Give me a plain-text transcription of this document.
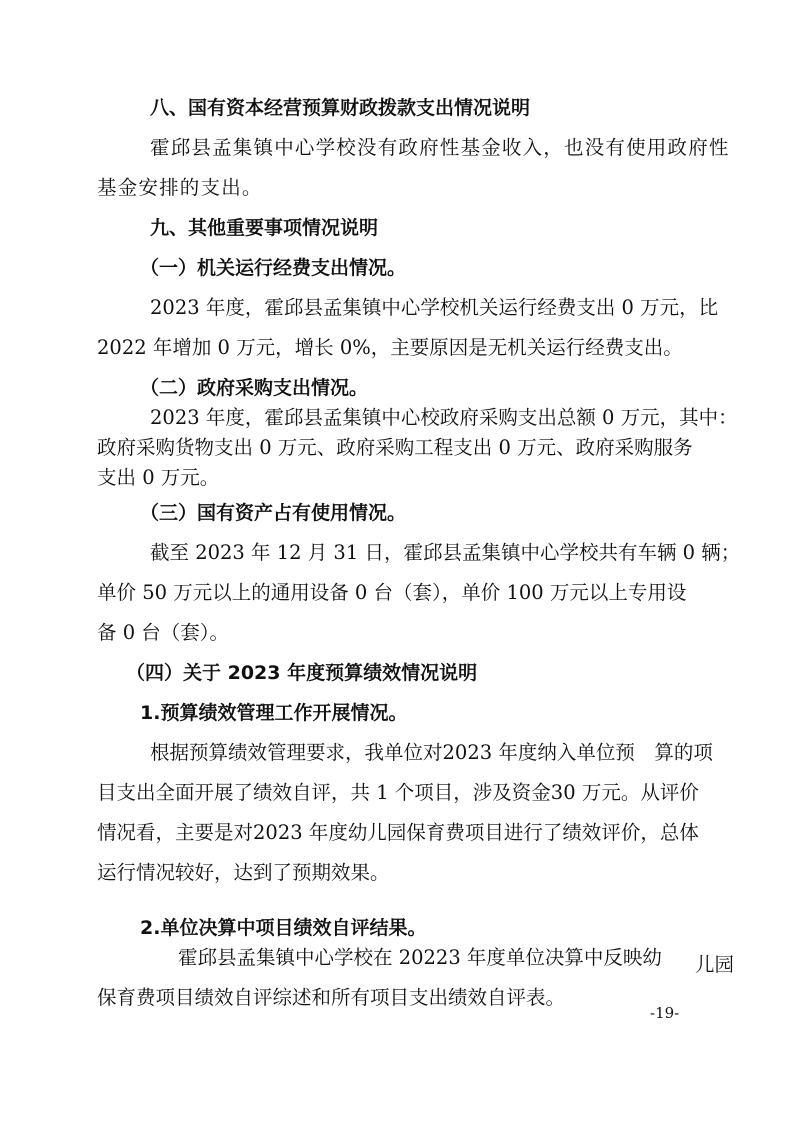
八、国有资本经营预算财政拨款支出情况说明

霍邱县孟集镇中心学校没有政府性基金收入，也没有使用政府性

基金安排的支出。

九、其他重要事项情况说明

（一）机关运行经费支出情况。

2023 年度，霍邱县孟集镇中心学校机关运行经费支出 0 万元，比

2022 年增加 0 万元，增长 0%，主要原因是无机关运行经费支出。

（二）政府采购支出情况。

2023 年度，霍邱县孟集镇中心校政府采购支出总额 0 万元，其中：

政府采购货物支出 0 万元、政府采购工程支出 0 万元、政府采购服务

支出 0 万元。

（三）国有资产占有使用情况。

截至 2023 年 12 月 31 日，霍邱县孟集镇中心学校共有车辆 0 辆；

单价 50 万元以上的通用设备 0 台（套），单价 100 万元以上专用设

备 0 台（套）。

（四）关于 2023 年度预算绩效情况说明

1.预算绩效管理工作开展情况。

根据预算绩效管理要求，我单位对2023 年度纳入单位预　算的项

目支出全面开展了绩效自评，共 1 个项目，涉及资金30 万元。从评价

情况看，主要是对2023 年度幼儿园保育费项目进行了绩效评价，总体

运行情况较好，达到了预期效果。

2.单位决算中项目绩效自评结果。

霍邱县孟集镇中心学校在 20223 年度单位决算中反映幼 儿园

保育费项目绩效自评综述和所有项目支出绩效自评表。

-19-
